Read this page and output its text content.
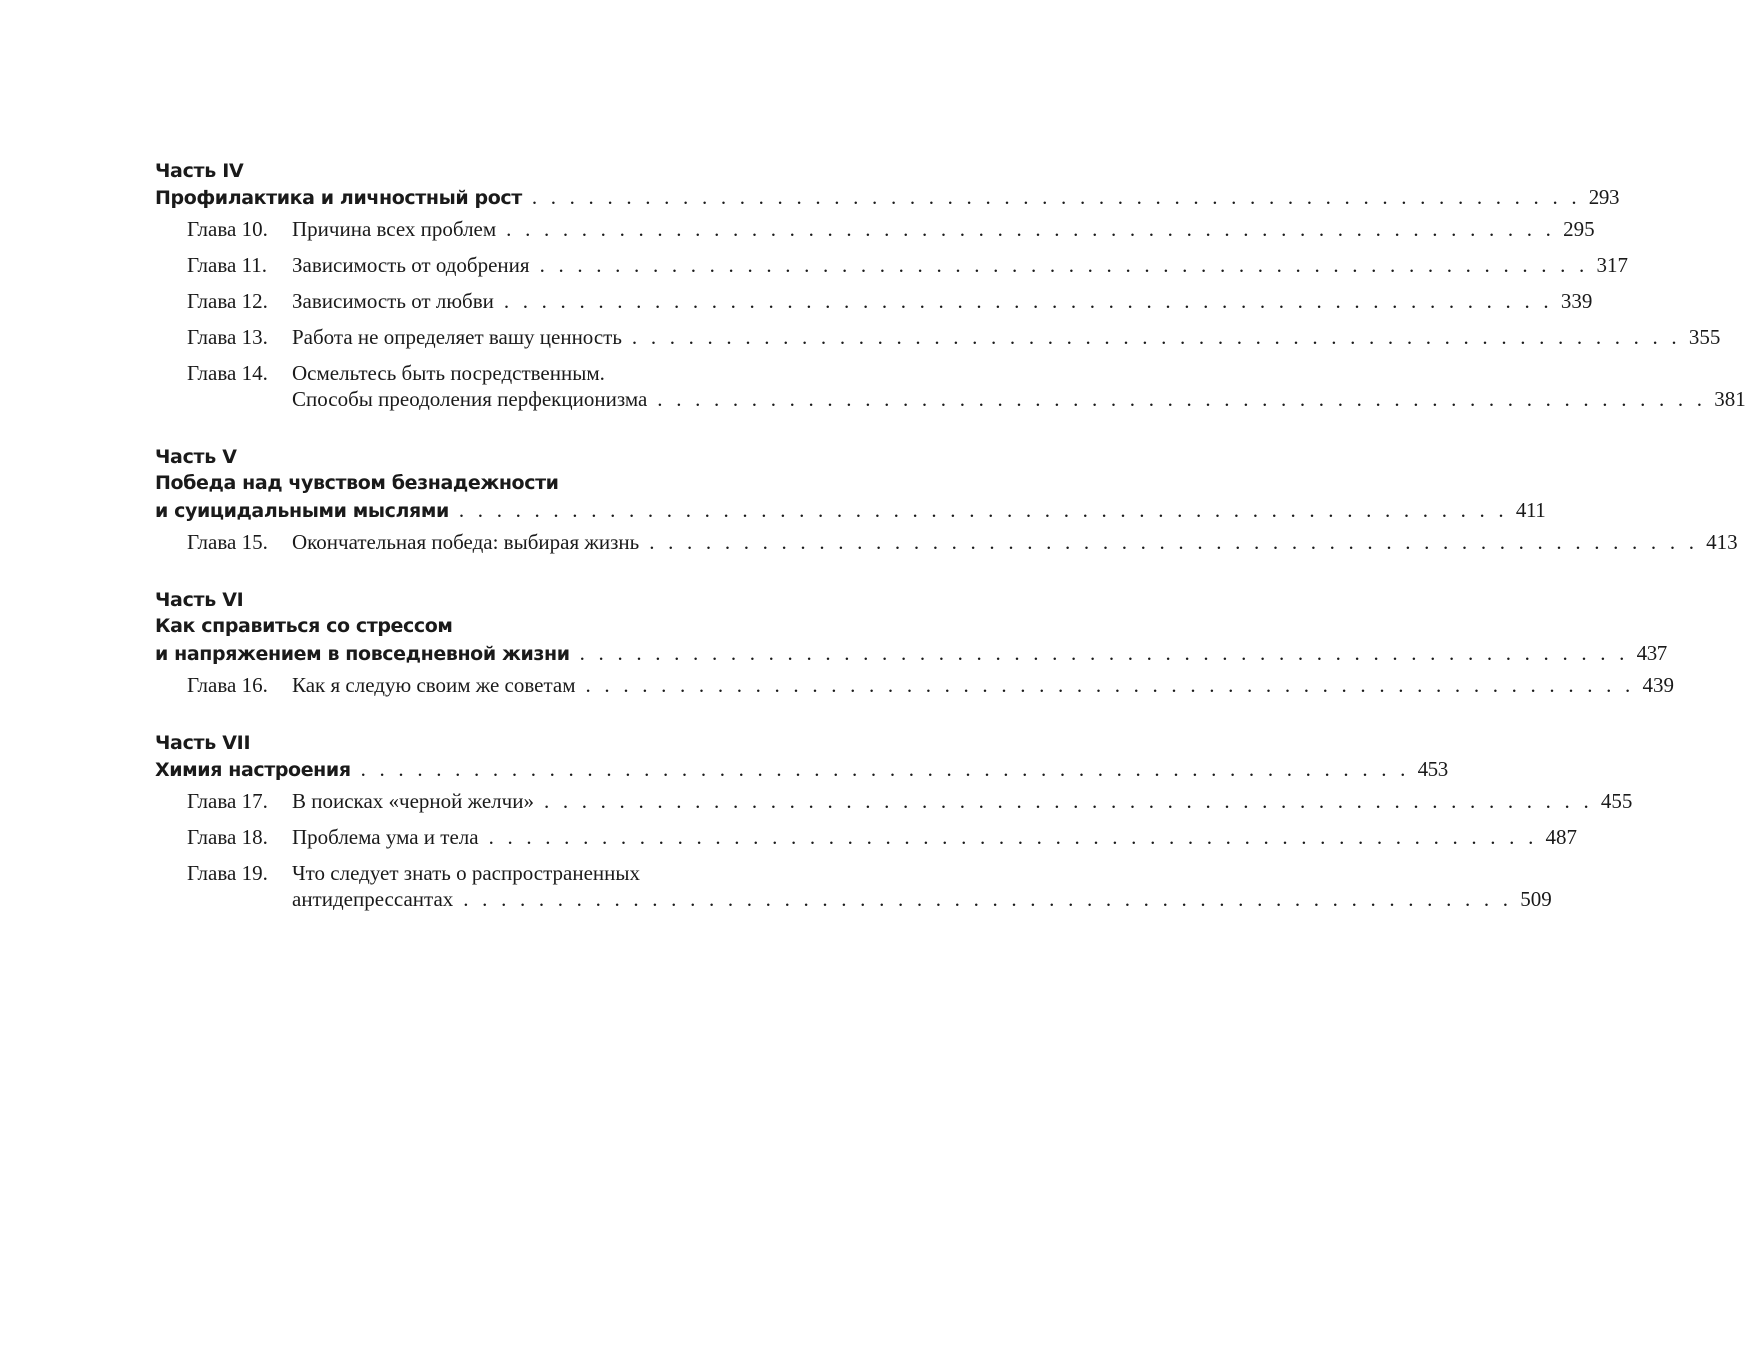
Часть IV
Профилактика и личностный рост . . . . . . . . . . . . . . . . . . . . . . . . . . . . . . . . . . . . . . . . . . . . . . . . . . . . . . . . 293
Глава 10.	Причина всех проблем . . . . . . . . . . . . . . . . . . . . . . . . . . . . . . . . . . . . . . . . . . . . . . . . . . . . . . . . 295
Глава 11.	Зависимость от одобрения . . . . . . . . . . . . . . . . . . . . . . . . . . . . . . . . . . . . . . . . . . . . . . . . . . . . . . . . 317
Глава 12.	Зависимость от любви . . . . . . . . . . . . . . . . . . . . . . . . . . . . . . . . . . . . . . . . . . . . . . . . . . . . . . . . 339
Глава 13.	Работа не определяет вашу ценность . . . . . . . . . . . . . . . . . . . . . . . . . . . . . . . . . . . . . . . . . . . . . . . . . . . . . . . . 355
Глава 14.	Осмельтесь быть посредственным.
Способы преодоления перфекционизма . . . . . . . . . . . . . . . . . . . . . . . . . . . . . . . . . . . . . . . . . . . . . . . . . . . . . . . . 381
Часть V
Победа над чувством безнадежности
и суицидальными мыслями . . . . . . . . . . . . . . . . . . . . . . . . . . . . . . . . . . . . . . . . . . . . . . . . . . . . . . . . 411
Глава 15.	Окончательная победа: выбирая жизнь . . . . . . . . . . . . . . . . . . . . . . . . . . . . . . . . . . . . . . . . . . . . . . . . . . . . . . . . 413
Часть VI
Как справиться со стрессом
и напряжением в повседневной жизни . . . . . . . . . . . . . . . . . . . . . . . . . . . . . . . . . . . . . . . . . . . . . . . . . . . . . . . . 437
Глава 16.	Как я следую своим же советам . . . . . . . . . . . . . . . . . . . . . . . . . . . . . . . . . . . . . . . . . . . . . . . . . . . . . . . . 439
Часть VII
Химия настроения . . . . . . . . . . . . . . . . . . . . . . . . . . . . . . . . . . . . . . . . . . . . . . . . . . . . . . . . 453
Глава 17.	В поисках «черной желчи» . . . . . . . . . . . . . . . . . . . . . . . . . . . . . . . . . . . . . . . . . . . . . . . . . . . . . . . . 455
Глава 18.	Проблема ума и тела . . . . . . . . . . . . . . . . . . . . . . . . . . . . . . . . . . . . . . . . . . . . . . . . . . . . . . . . 487
Глава 19.	Что следует знать о распространенных
антидепрессантах . . . . . . . . . . . . . . . . . . . . . . . . . . . . . . . . . . . . . . . . . . . . . . . . . . . . . . . . 509
